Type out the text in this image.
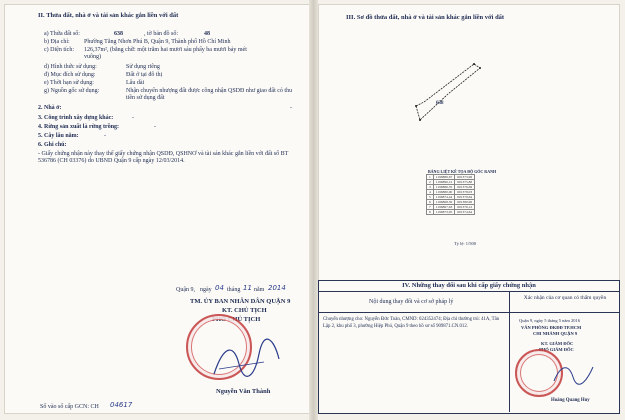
II. Thửa đất, nhà ở và tài sản khác gắn liền với đất
a) Thửa đất số:	638	, tờ bản đồ số:	48
b) Địa chỉ: Phường Tăng Nhơn Phú B, Quận 9, Thành phố Hồ Chí Minh
c) Diện tích: 126,37m², (bằng chữ: một trăm hai mươi sáu phẩy ba mươi bảy mét vuông)
d) Hình thức sử dụng:	Sử dụng riêng
đ) Mục đích sử dụng:	Đất ở tại đô thị
e) Thời hạn sử dụng:	Lâu dài
g) Nguồn gốc sử dụng:	Nhận chuyển nhượng đất được công nhận QSDĐ như giao đất có thu tiền sử dụng đất
2. Nhà ở:	-
3. Công trình xây dựng khác:	-
4. Rừng sản xuất là rừng trồng:	-
5. Cây lâu năm:	-
6. Ghi chú:
- Giấy chứng nhận này thay thế giấy chứng nhận QSDĐ, QSHNƠ và tài sản khác gắn liền với đất số BT 536786 (CH 03376) do UBND Quận 9 cấp ngày 12/03/2014.
Quận 9, ngày 04 tháng 11 năm 2014
TM. ỦY BAN NHÂN DÂN QUẬN 9
KT. CHỦ TỊCH
PHÓ CHỦ TỊCH
Nguyễn Văn Thành
Số vào sổ cấp GCN: CH 04617
III. Sơ đồ thửa đất, nhà ở và tài sản khác gắn liền với đất
638
BẢNG LIỆT KÊ TỌA ĐỘ GÓC RANH
1	1196889,67	601373,96
2	1196890,12	601375,88
3	1196886,35	601376,69
4	1196880,90	601378,03
5	1196874,44	601379,64
6	1196868,59	601380,96
7	1196867,63	601376,12
8	1196873,95	601374,64
Tỷ lệ: 1/500
IV. Những thay đổi sau khi cấp giấy chứng nhận
Nội dung thay đổi và cơ sở pháp lý
Xác nhận của cơ quan có thẩm quyền
Chuyển nhượng cho: Nguyễn Đức Toàn, CMND: 024352474; Địa chỉ thường trú: 41A, Tân Lập 2, khu phố 3, phường Hiệp Phú, Quận 9 theo hồ sơ số 909871.CN.012.
Quận 9, ngày 5 tháng 5 năm 2016
VĂN PHÒNG ĐKĐĐ TP.HCM
CHI NHÁNH QUẬN 9
KT. GIÁM ĐỐC
PHÓ GIÁM ĐỐC
Hoàng Quang Huy
